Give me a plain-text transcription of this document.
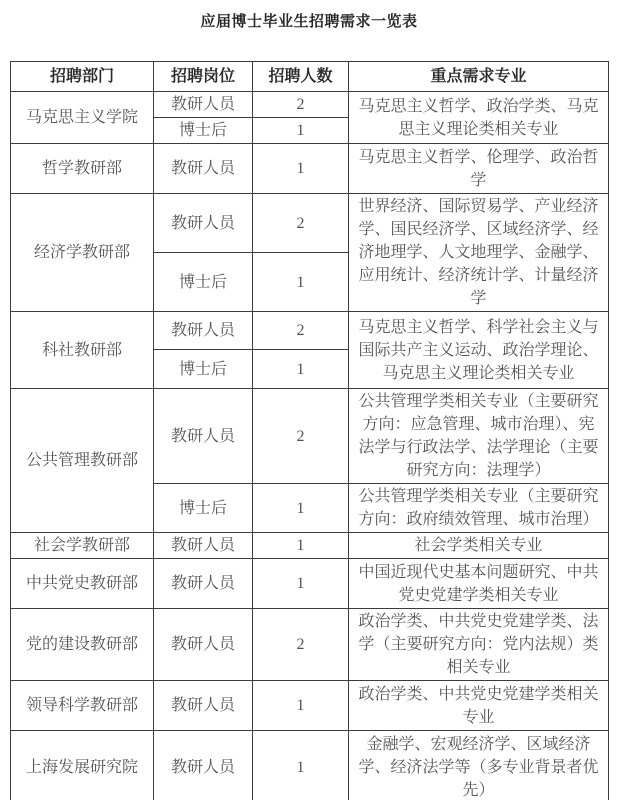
应届博士毕业生招聘需求一览表
招聘部门	招聘岗位	招聘人数	重点需求专业
马克思主义学院	教研人员	2	马克思主义哲学、政治学类、马克思主义理论类相关专业
	博士后	1	
哲学教研部	教研人员	1	马克思主义哲学、伦理学、政治哲学
经济学教研部	教研人员	2	世界经济、国际贸易学、产业经济学、国民经济学、区域经济学、经济地理学、人文地理学、金融学、应用统计、经济统计学、计量经济学
	博士后	1	
科社教研部	教研人员	2	马克思主义哲学、科学社会主义与国际共产主义运动、政治学理论、马克思主义理论类相关专业
	博士后	1	
公共管理教研部	教研人员	2	公共管理学类相关专业（主要研究方向：应急管理、城市治理）、宪法学与行政法学、法学理论（主要研究方向：法理学）
	博士后	1	公共管理学类相关专业（主要研究方向：政府绩效管理、城市治理）
社会学教研部	教研人员	1	社会学类相关专业
中共党史教研部	教研人员	1	中国近现代史基本问题研究、中共党史党建学类相关专业
党的建设教研部	教研人员	2	政治学类、中共党史党建学类、法学（主要研究方向：党内法规）类相关专业
领导科学教研部	教研人员	1	政治学类、中共党史党建学类相关专业
上海发展研究院	教研人员	1	金融学、宏观经济学、区域经济学、经济法学等（多专业背景者优先）
